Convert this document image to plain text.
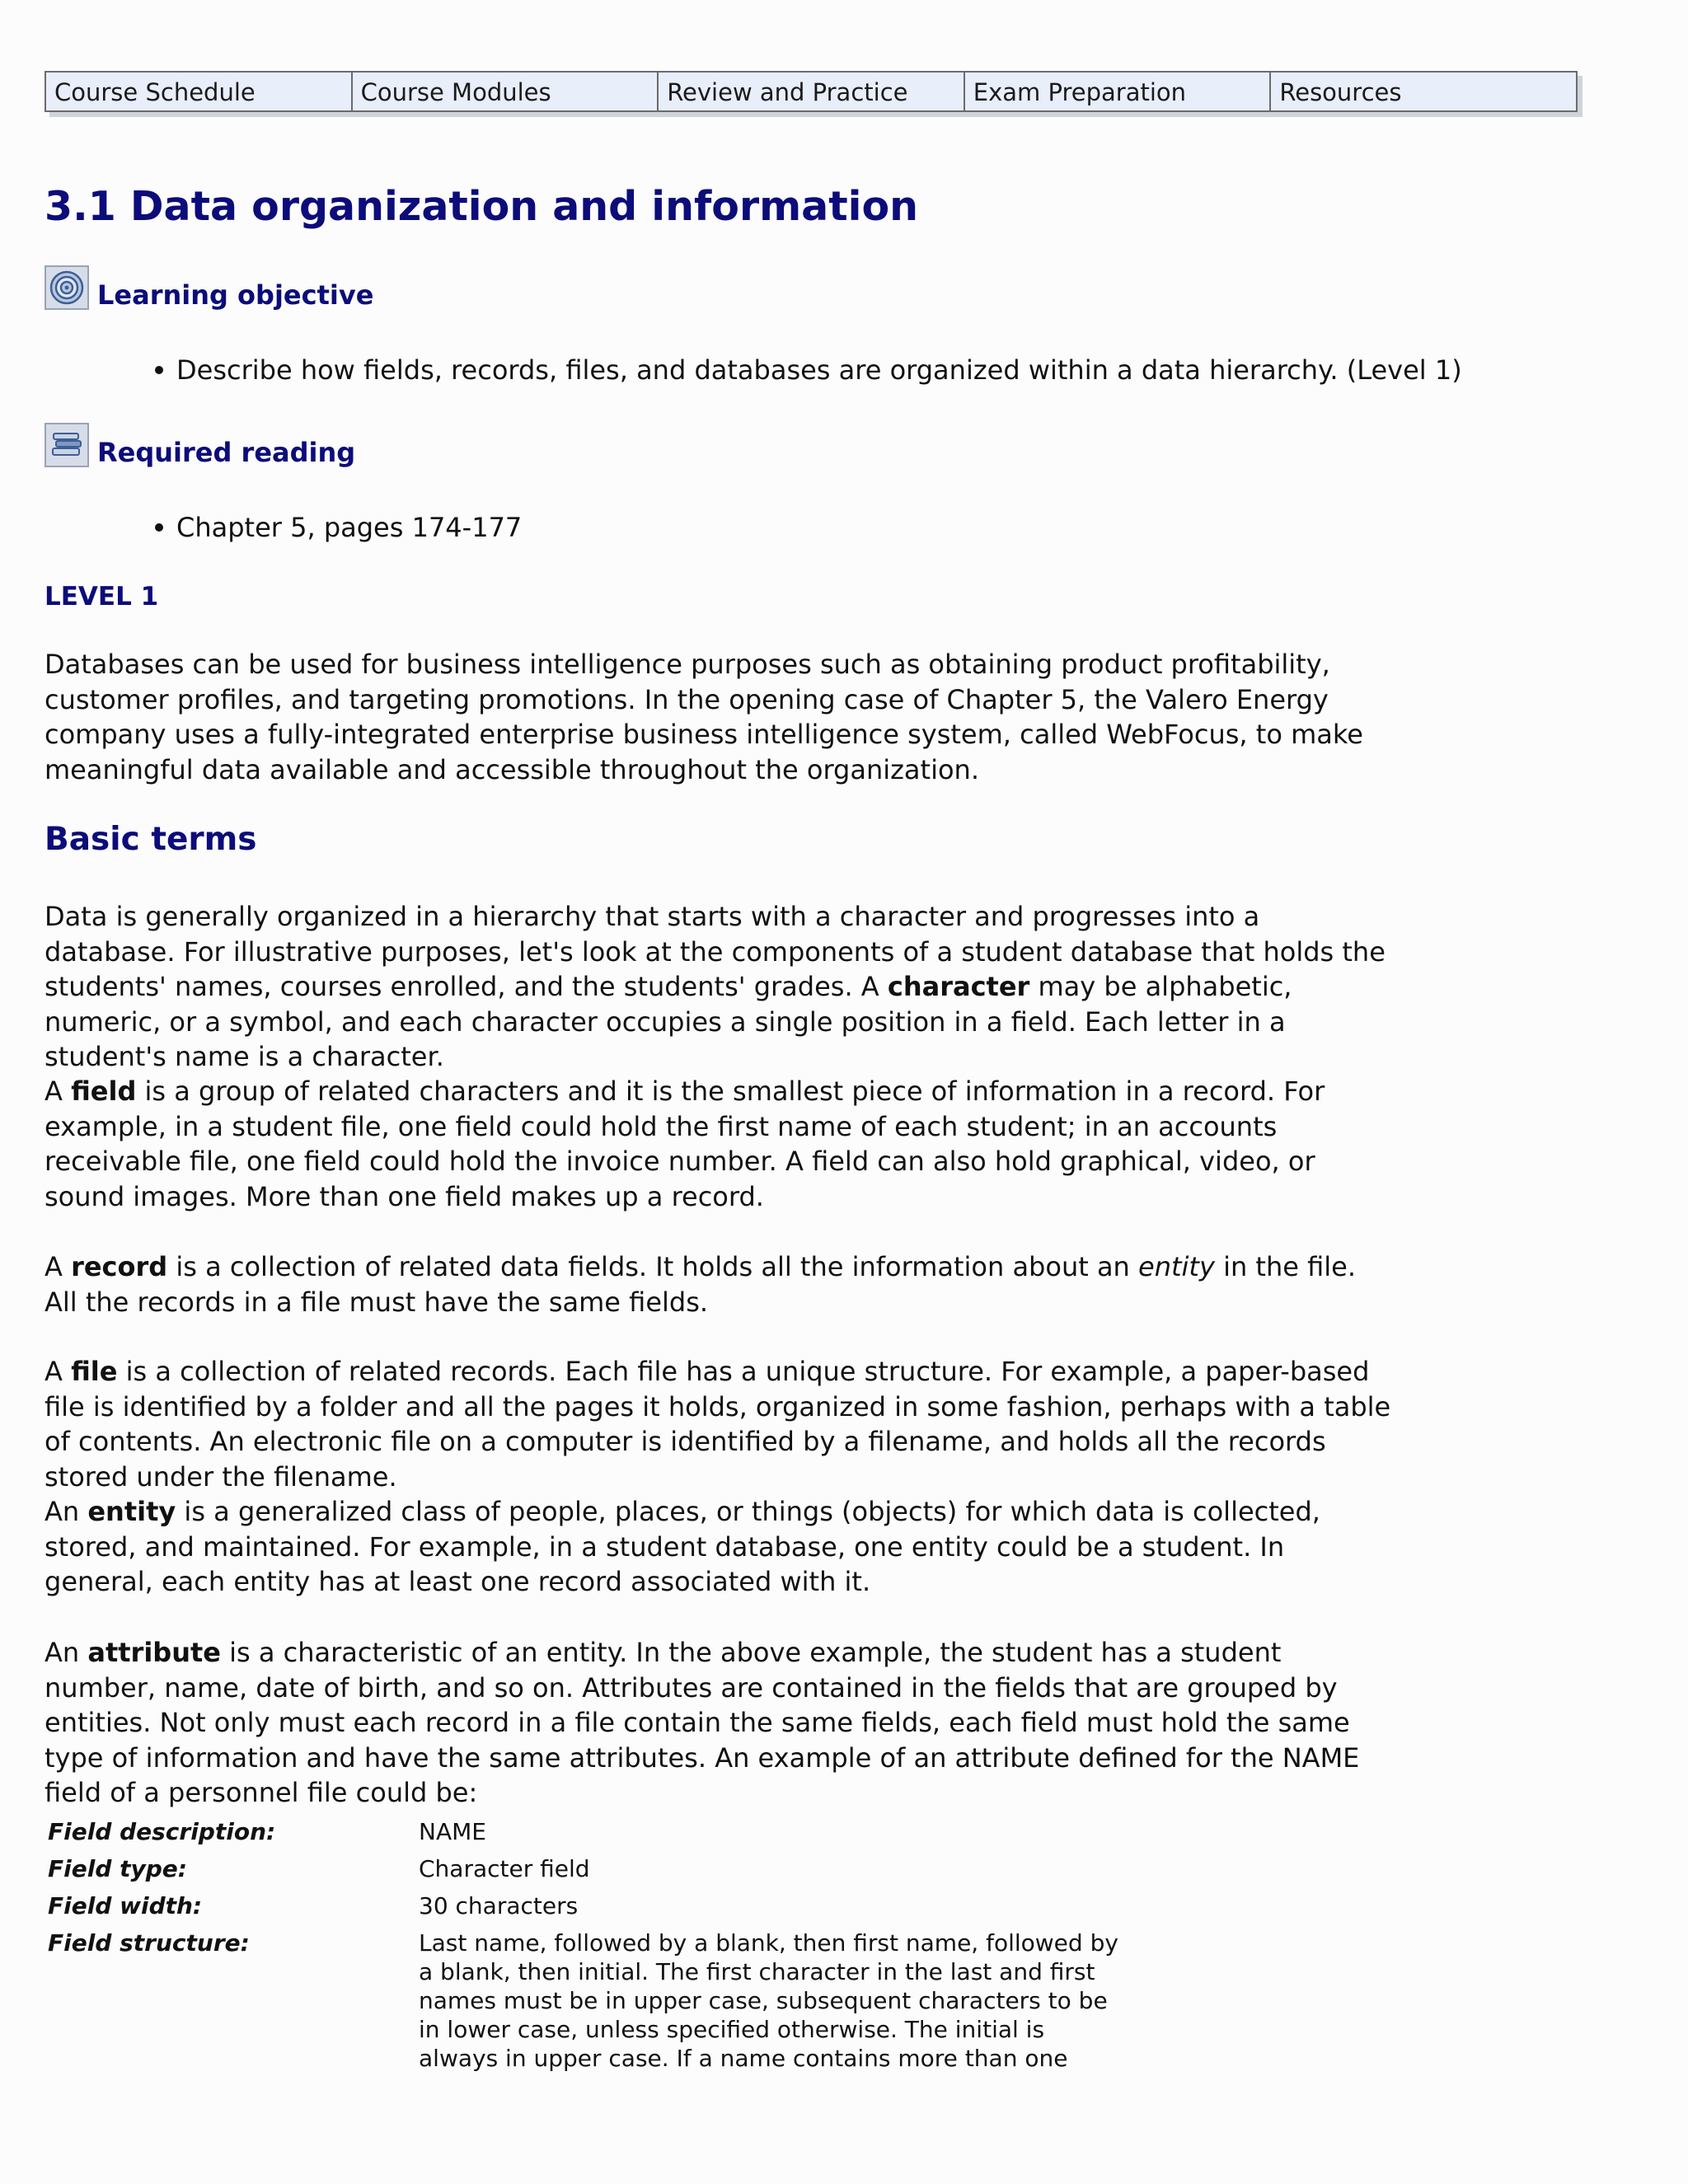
Course Schedule	Course Modules	Review and Practice	Exam Preparation	Resources
3.1 Data organization and information
Learning objective
Describe how fields, records, files, and databases are organized within a data hierarchy. (Level 1)
Required reading
Chapter 5, pages 174-177
LEVEL 1

Databases can be used for business intelligence purposes such as obtaining product profitability, customer profiles, and targeting promotions. In the opening case of Chapter 5, the Valero Energy company uses a fully-integrated enterprise business intelligence system, called WebFocus, to make meaningful data available and accessible throughout the organization.

Basic terms

Data is generally organized in a hierarchy that starts with a character and progresses into a database. For illustrative purposes, let's look at the components of a student database that holds the students' names, courses enrolled, and the students' grades. A character may be alphabetic, numeric, or a symbol, and each character occupies a single position in a field. Each letter in a student's name is a character.

A field is a group of related characters and it is the smallest piece of information in a record. For example, in a student file, one field could hold the first name of each student; in an accounts receivable file, one field could hold the invoice number. A field can also hold graphical, video, or sound images. More than one field makes up a record.

A record is a collection of related data fields. It holds all the information about an entity in the file. All the records in a file must have the same fields.

A file is a collection of related records. Each file has a unique structure. For example, a paper-based file is identified by a folder and all the pages it holds, organized in some fashion, perhaps with a table of contents. An electronic file on a computer is identified by a filename, and holds all the records stored under the filename.

An entity is a generalized class of people, places, or things (objects) for which data is collected, stored, and maintained. For example, in a student database, one entity could be a student. In general, each entity has at least one record associated with it.

An attribute is a characteristic of an entity. In the above example, the student has a student number, name, date of birth, and so on. Attributes are contained in the fields that are grouped by entities. Not only must each record in a file contain the same fields, each field must hold the same type of information and have the same attributes. An example of an attribute defined for the NAME field of a personnel file could be:

Field description:	NAME
Field type:	Character field
Field width:	30 characters
Field structure:	Last name, followed by a blank, then first name, followed by a blank, then initial. The first character in the last and first names must be in upper case, subsequent characters to be in lower case, unless specified otherwise. The initial is always in upper case. If a name contains more than one
